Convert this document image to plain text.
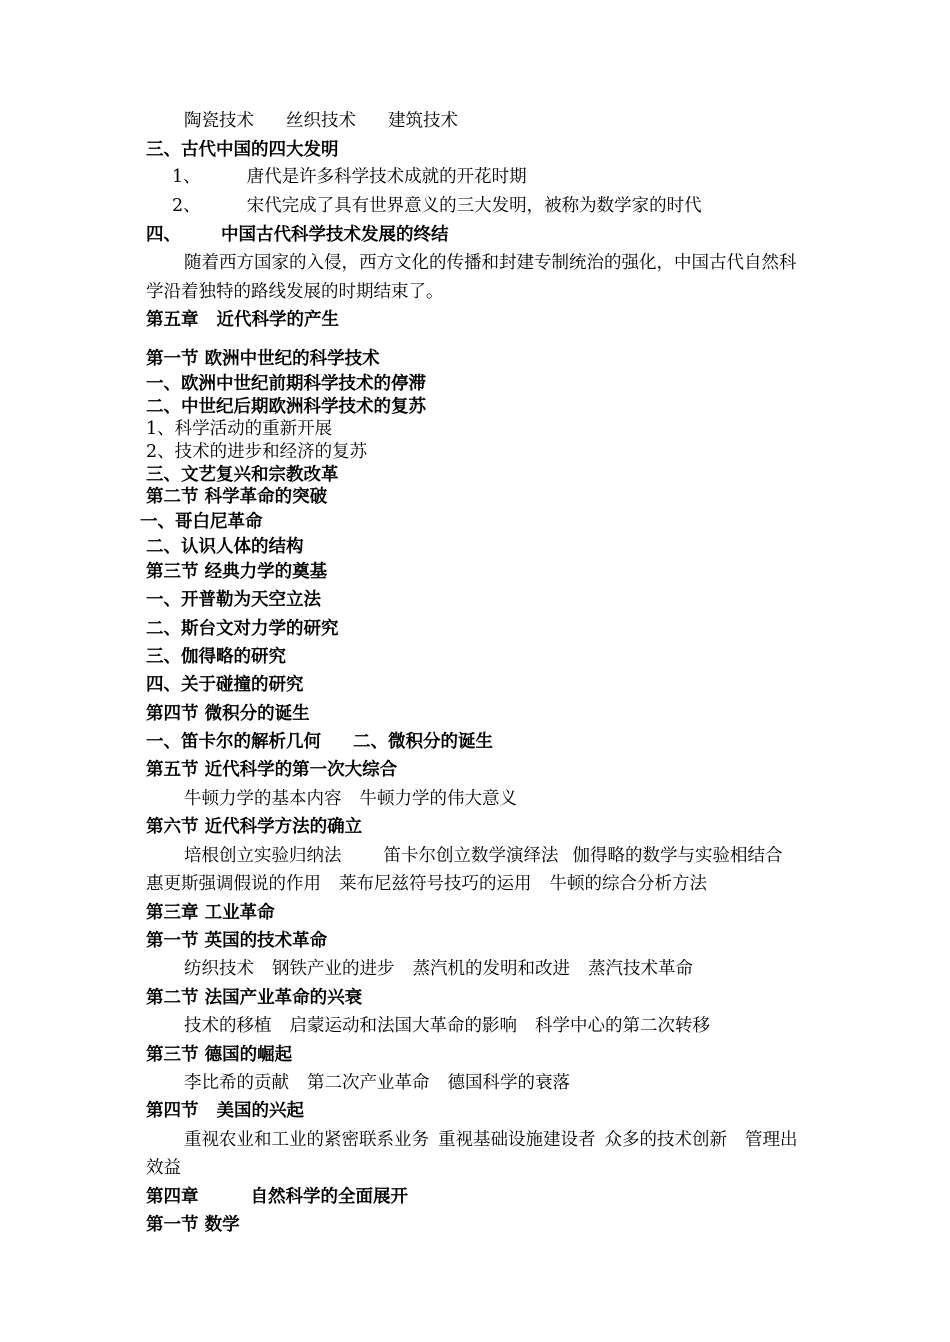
陶瓷技术 丝织技术 建筑技术
三、古代中国的四大发明
1、	唐代是许多科学技术成就的开花时期
2、	宋代完成了具有世界意义的三大发明，被称为数学家的时代
四、 中国古代科学技术发展的终结
随着西方国家的入侵，西方文化的传播和封建专制统治的强化，中国古代自然科
学沿着独特的路线发展的时期结束了。
第五章 近代科学的产生
第一节 欧洲中世纪的科学技术
一、欧洲中世纪前期科学技术的停滞
二、中世纪后期欧洲科学技术的复苏
1、科学活动的重新开展
2、技术的进步和经济的复苏
三、文艺复兴和宗教改革
第二节 科学革命的突破
一、哥白尼革命
二、认识人体的结构
第三节 经典力学的奠基
一、开普勒为天空立法
二、斯台文对力学的研究
三、伽得略的研究
四、关于碰撞的研究
第四节 微积分的诞生
一、笛卡尔的解析几何 二、微积分的诞生
第五节 近代科学的第一次大综合
牛顿力学的基本内容 牛顿力学的伟大意义
第六节 近代科学方法的确立
培根创立实验归纳法 笛卡尔创立数学演绎法 伽得略的数学与实验相结合
惠更斯强调假说的作用 莱布尼兹符号技巧的运用 牛顿的综合分析方法
第三章 工业革命
第一节 英国的技术革命
纺织技术 钢铁产业的进步 蒸汽机的发明和改进 蒸汽技术革命
第二节 法国产业革命的兴衰
技术的移植 启蒙运动和法国大革命的影响 科学中心的第二次转移
第三节 德国的崛起
李比希的贡献 第二次产业革命 德国科学的衰落
第四节 美国的兴起
重视农业和工业的紧密联系业务 重视基础设施建设者 众多的技术创新 管理出
效益
第四章	自然科学的全面展开
第一节 数学
